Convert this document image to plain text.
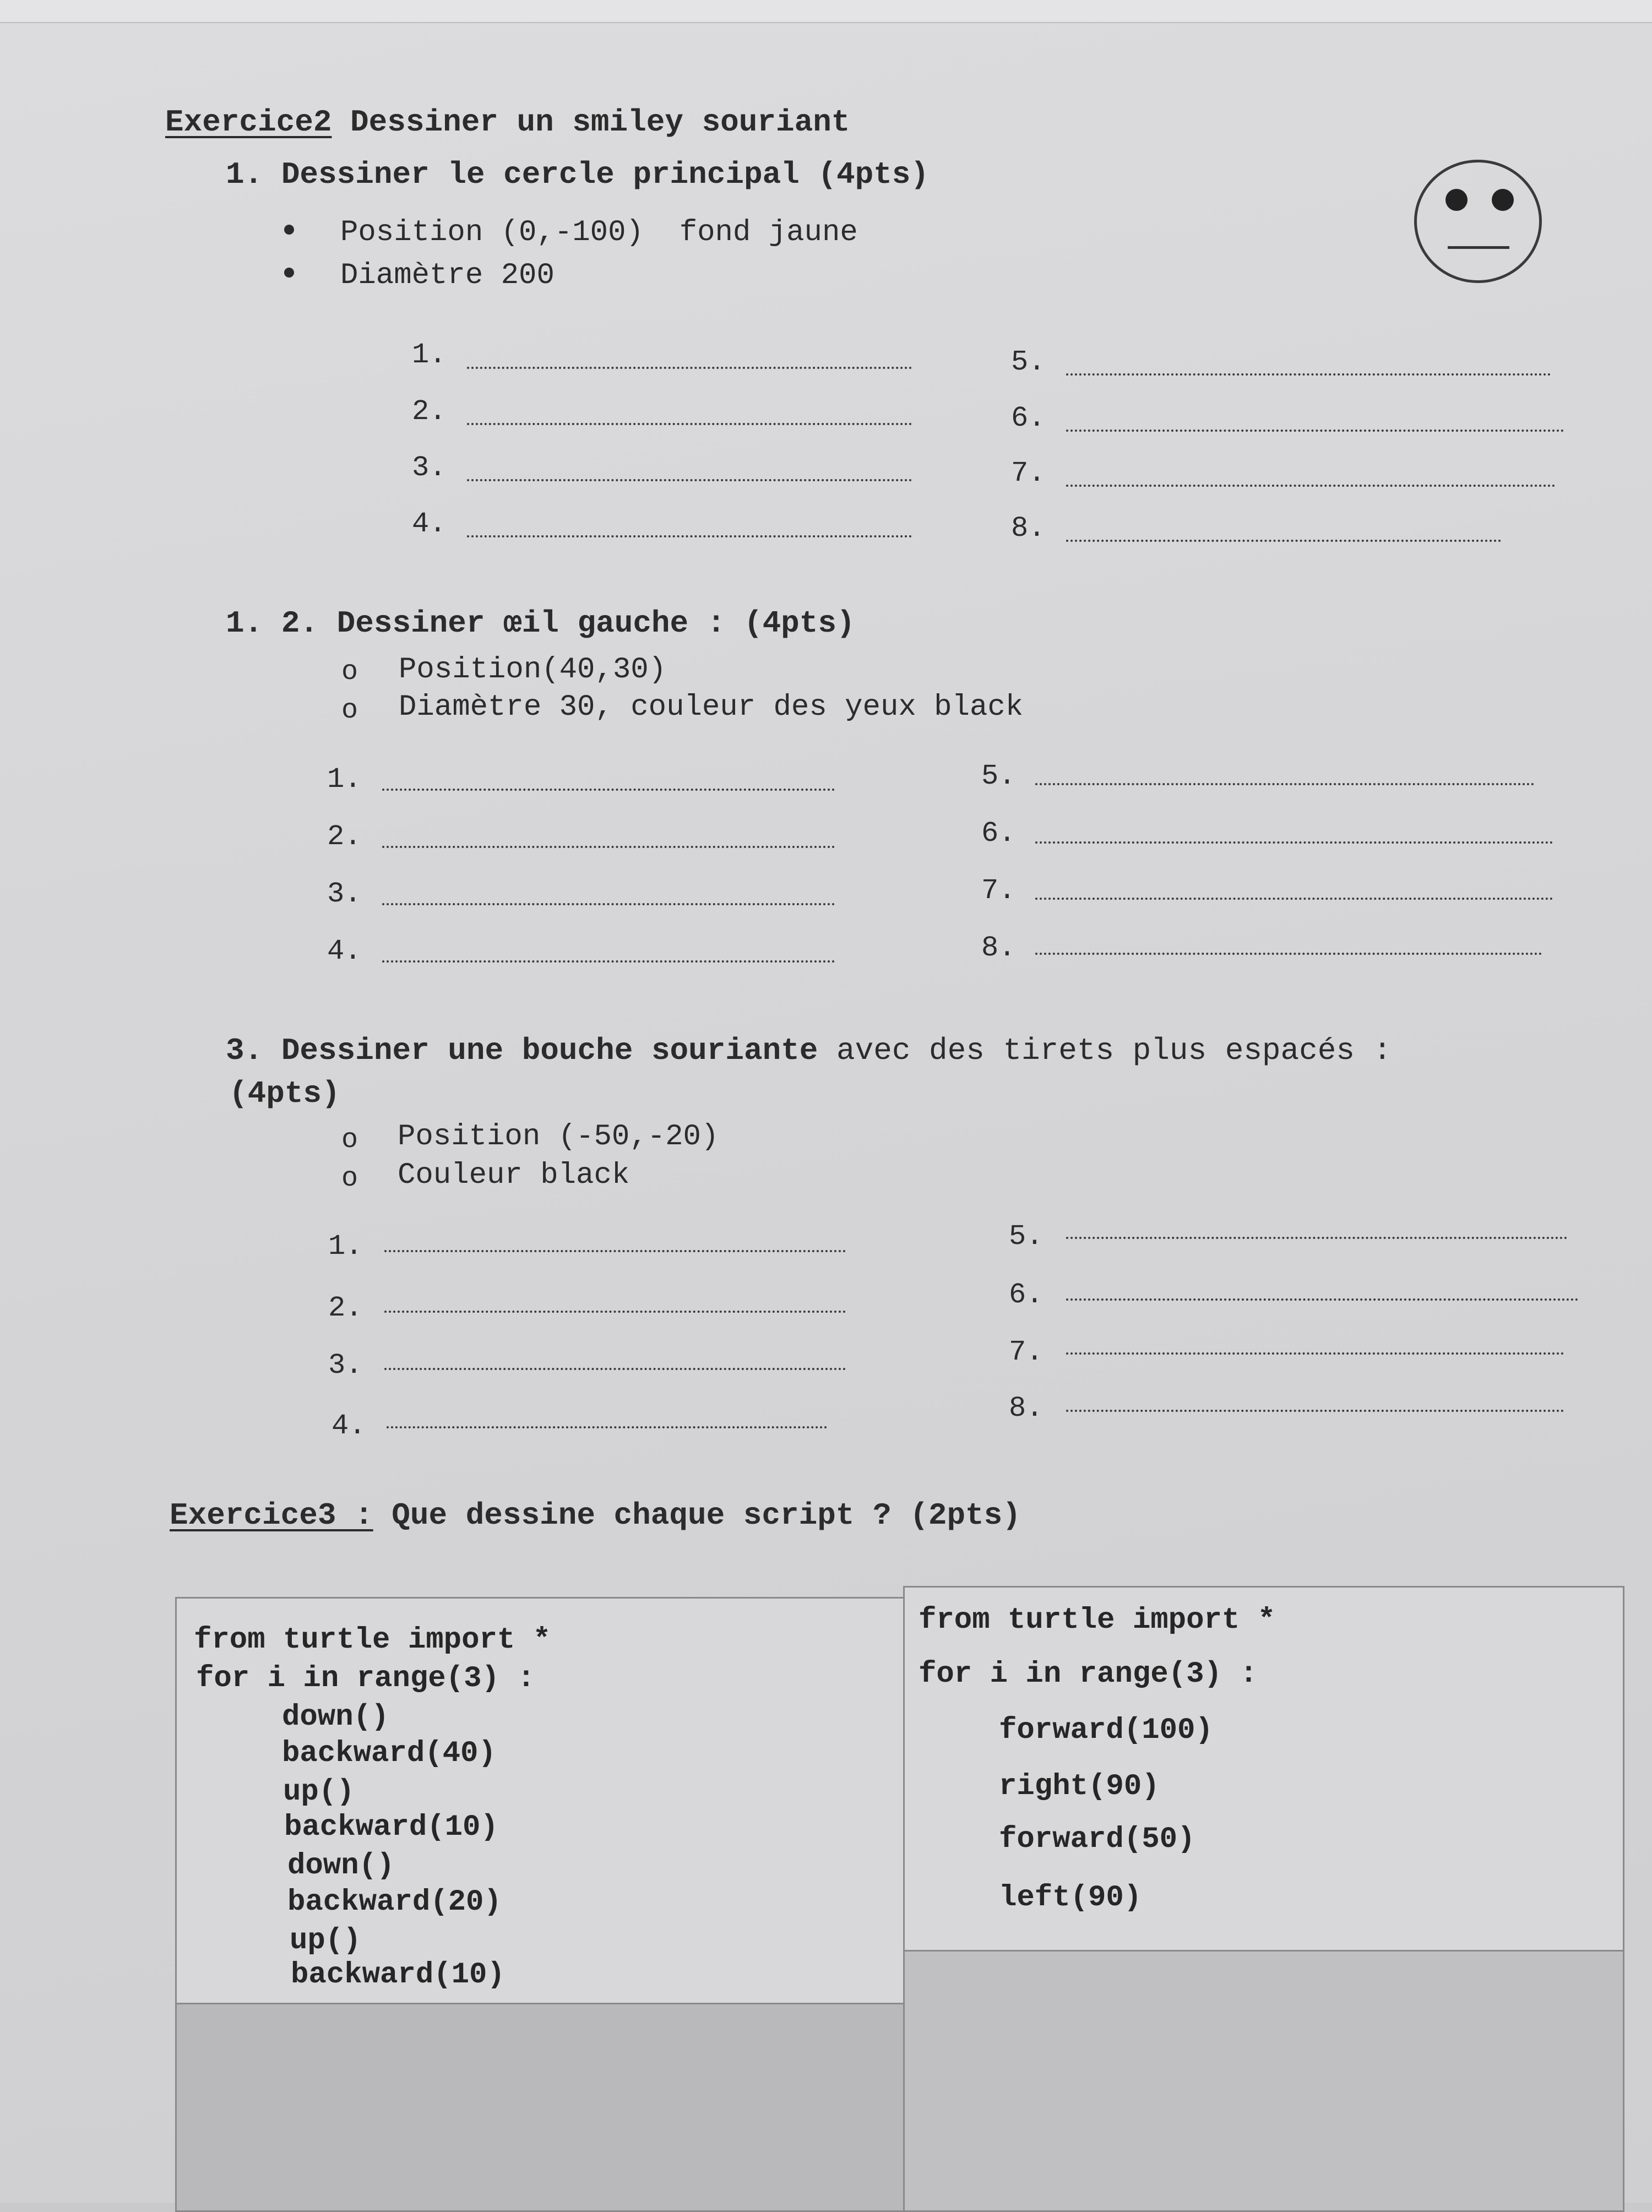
Exercice2 Dessiner un smiley souriant
1. Dessiner le cercle principal (4pts)
Position (0,-100)  fond jaune
Diamètre 200
1.
2.
3.
4.
5.
6.
7.
8.
1. 2. Dessiner œil gauche : (4pts)
o Position(40,30)
o Diamètre 30, couleur des yeux black
1.
2.
3.
4.
5.
6.
7.
8.
3. Dessiner une bouche souriante avec des tirets plus espacés :
(4pts)
o Position (-50,-20)
o Couleur black
1.
2.
3.
4.
5.
6.
7.
8.
Exercice3 : Que dessine chaque script ? (2pts)
from turtle import *
for i in range(3) :
down()
backward(40)
up()
backward(10)
down()
backward(20)
up()
backward(10)
from turtle import *
for i in range(3) :
forward(100)
right(90)
forward(50)
left(90)
